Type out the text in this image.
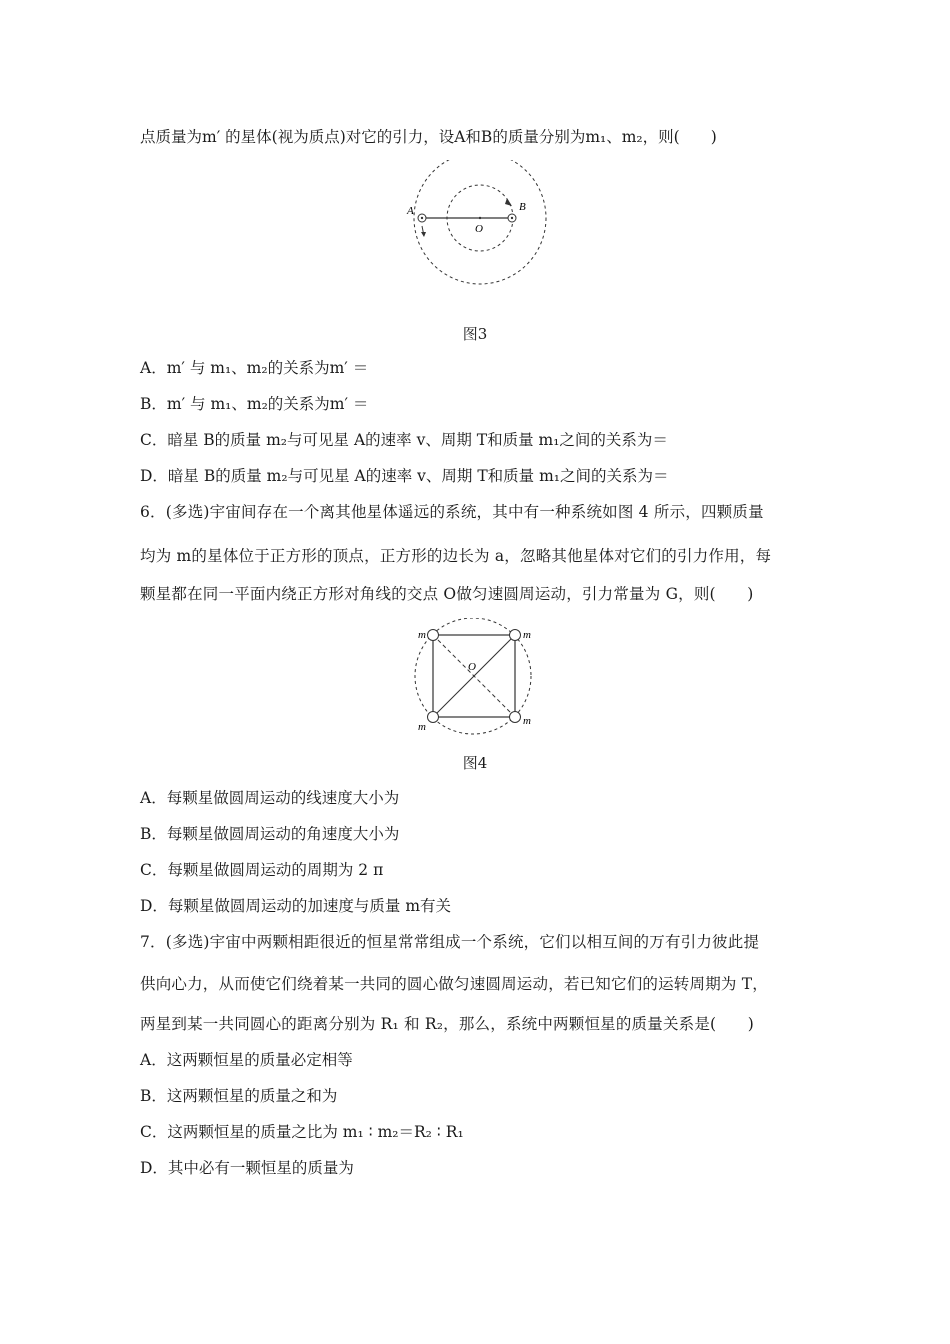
点质量为m′ 的星体(视为质点)对它的引力，设A和B的质量分别为m₁、m₂，则(　　)
A	B
O
图3
A．m′ 与 m₁、m₂的关系为m′ ＝
B．m′ 与 m₁、m₂的关系为m′ ＝
C．暗星 B的质量 m₂与可见星 A的速率 v、周期 T和质量 m₁之间的关系为＝
D．暗星 B的质量 m₂与可见星 A的速率 v、周期 T和质量 m₁之间的关系为＝
6．(多选)宇宙间存在一个离其他星体遥远的系统，其中有一种系统如图 4 所示，四颗质量
均为 m的星体位于正方形的顶点，正方形的边长为 a，忽略其他星体对它们的引力作用，每
颗星都在同一平面内绕正方形对角线的交点 O做匀速圆周运动，引力常量为 G，则(　　)
m	m
m	m
O
图4
A．每颗星做圆周运动的线速度大小为
B．每颗星做圆周运动的角速度大小为
C．每颗星做圆周运动的周期为 2 π
D．每颗星做圆周运动的加速度与质量 m有关
7．(多选)宇宙中两颗相距很近的恒星常常组成一个系统，它们以相互间的万有引力彼此提
供向心力，从而使它们绕着某一共同的圆心做匀速圆周运动，若已知它们的运转周期为 T，
两星到某一共同圆心的距离分别为 R₁ 和 R₂，那么，系统中两颗恒星的质量关系是(　　)
A．这两颗恒星的质量必定相等
B．这两颗恒星的质量之和为
C．这两颗恒星的质量之比为 m₁ ∶ m₂＝R₂ ∶ R₁
D．其中必有一颗恒星的质量为
